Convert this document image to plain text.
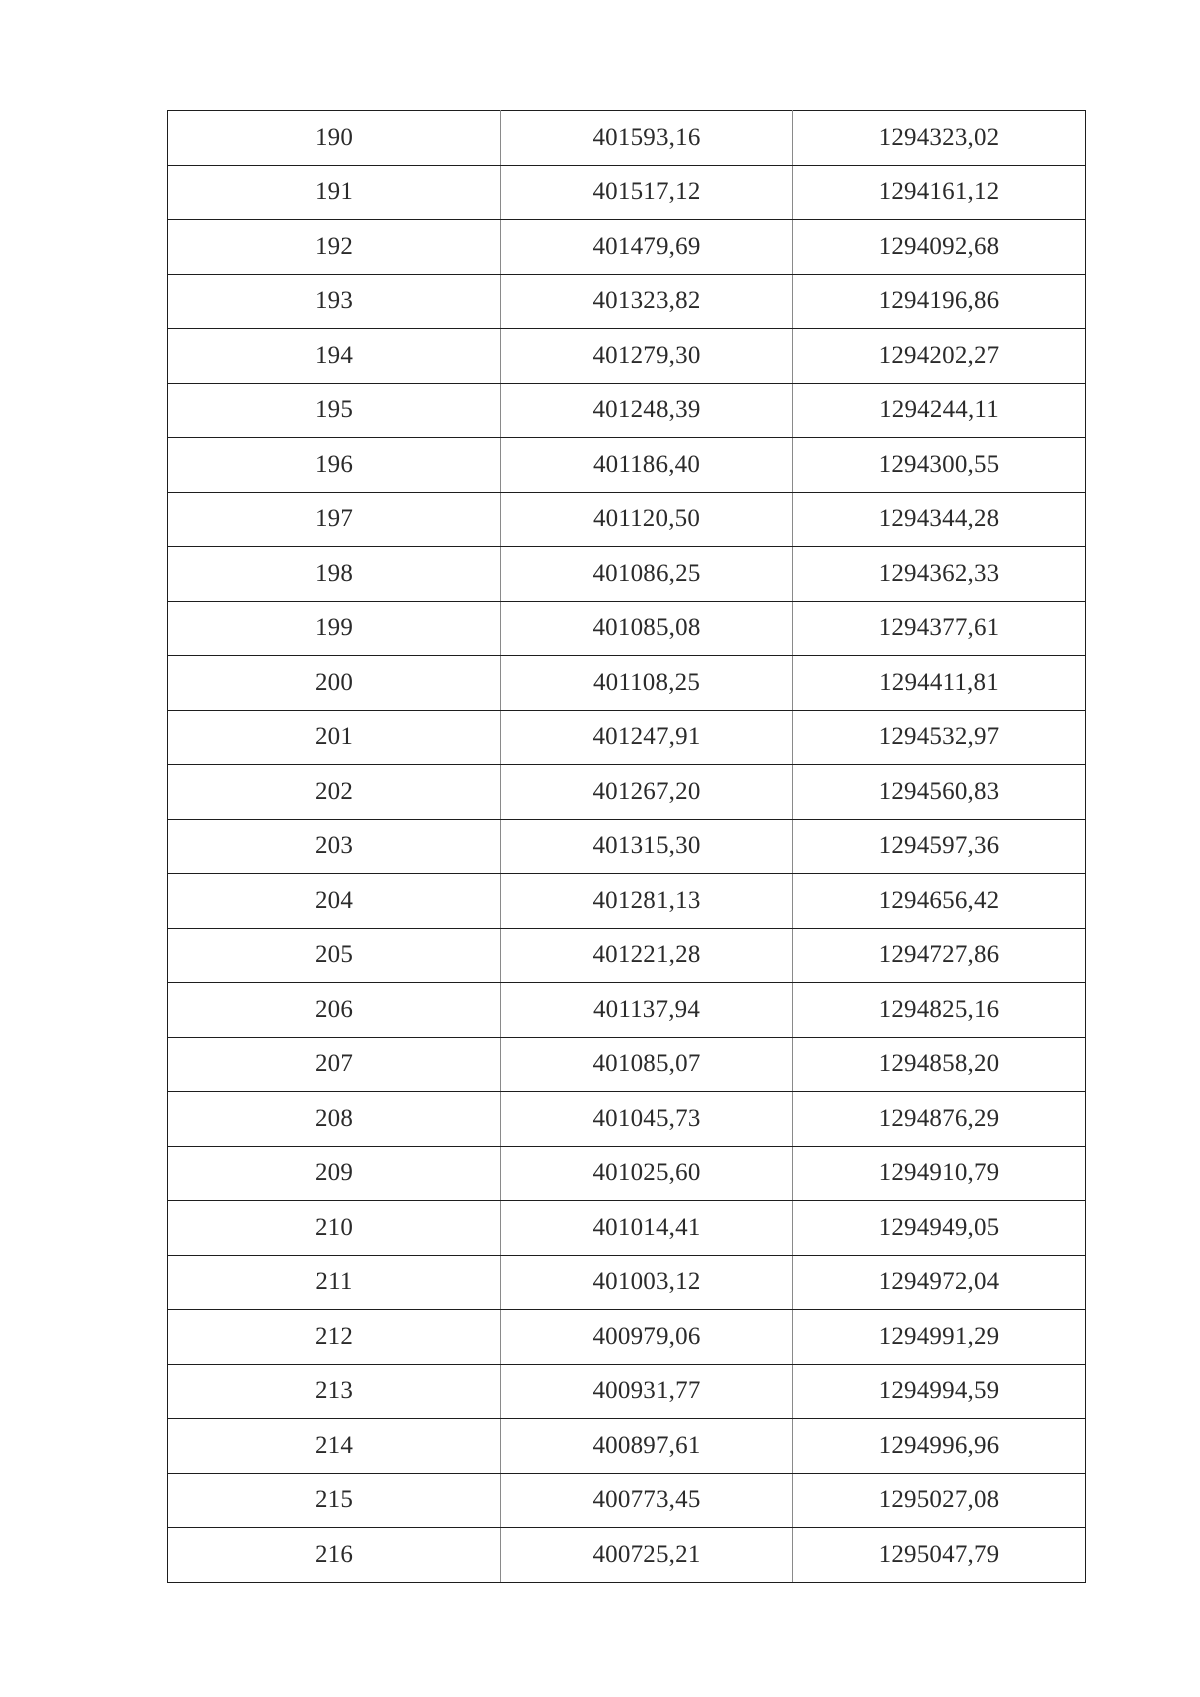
190	401593,16	1294323,02
191	401517,12	1294161,12
192	401479,69	1294092,68
193	401323,82	1294196,86
194	401279,30	1294202,27
195	401248,39	1294244,11
196	401186,40	1294300,55
197	401120,50	1294344,28
198	401086,25	1294362,33
199	401085,08	1294377,61
200	401108,25	1294411,81
201	401247,91	1294532,97
202	401267,20	1294560,83
203	401315,30	1294597,36
204	401281,13	1294656,42
205	401221,28	1294727,86
206	401137,94	1294825,16
207	401085,07	1294858,20
208	401045,73	1294876,29
209	401025,60	1294910,79
210	401014,41	1294949,05
211	401003,12	1294972,04
212	400979,06	1294991,29
213	400931,77	1294994,59
214	400897,61	1294996,96
215	400773,45	1295027,08
216	400725,21	1295047,79
